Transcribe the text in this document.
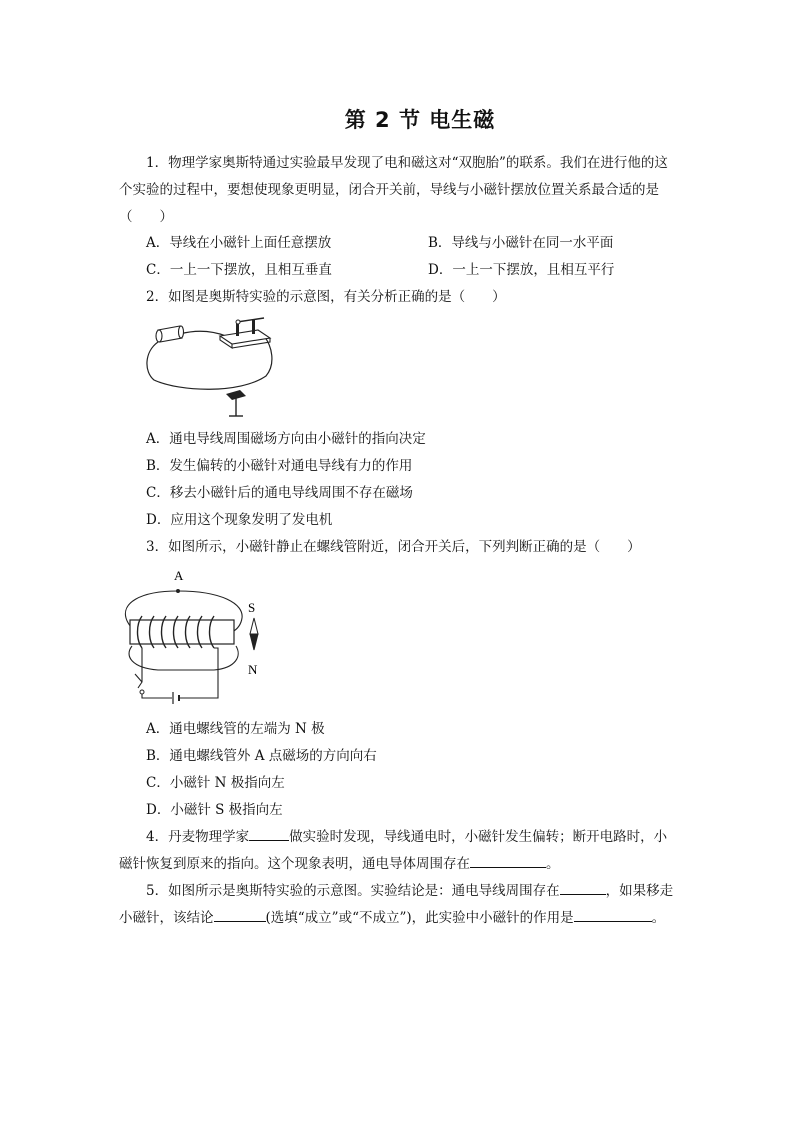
第 2 节 电生磁
1．物理学家奥斯特通过实验最早发现了电和磁这对“双胞胎”的联系。我们在进行他的这个实验的过程中，要想使现象更明显，闭合开关前，导线与小磁针摆放位置关系最合适的是（　　）
A．导线在小磁针上面任意摆放	B．导线与小磁针在同一水平面
C．一上一下摆放，且相互垂直	D．一上一下摆放，且相互平行
2．如图是奥斯特实验的示意图，有关分析正确的是（　　）
A．通电导线周围磁场方向由小磁针的指向决定
B．发生偏转的小磁针对通电导线有力的作用
C．移去小磁针后的通电导线周围不存在磁场
D．应用这个现象发明了发电机
3．如图所示，小磁针静止在螺线管附近，闭合开关后，下列判断正确的是（　　）
A
S
N
A．通电螺线管的左端为 N 极
B．通电螺线管外 A 点磁场的方向向右
C．小磁针 N 极指向左
D．小磁针 S 极指向左
4．丹麦物理学家	做实验时发现，导线通电时，小磁针发生偏转；断开电路时，小磁针恢复到原来的指向。这个现象表明，通电导体周围存在	。
5．如图所示是奥斯特实验的示意图。实验结论是：通电导线周围存在	，如果移走小磁针，该结论	(选填“成立”或“不成立”)，此实验中小磁针的作用是	。
